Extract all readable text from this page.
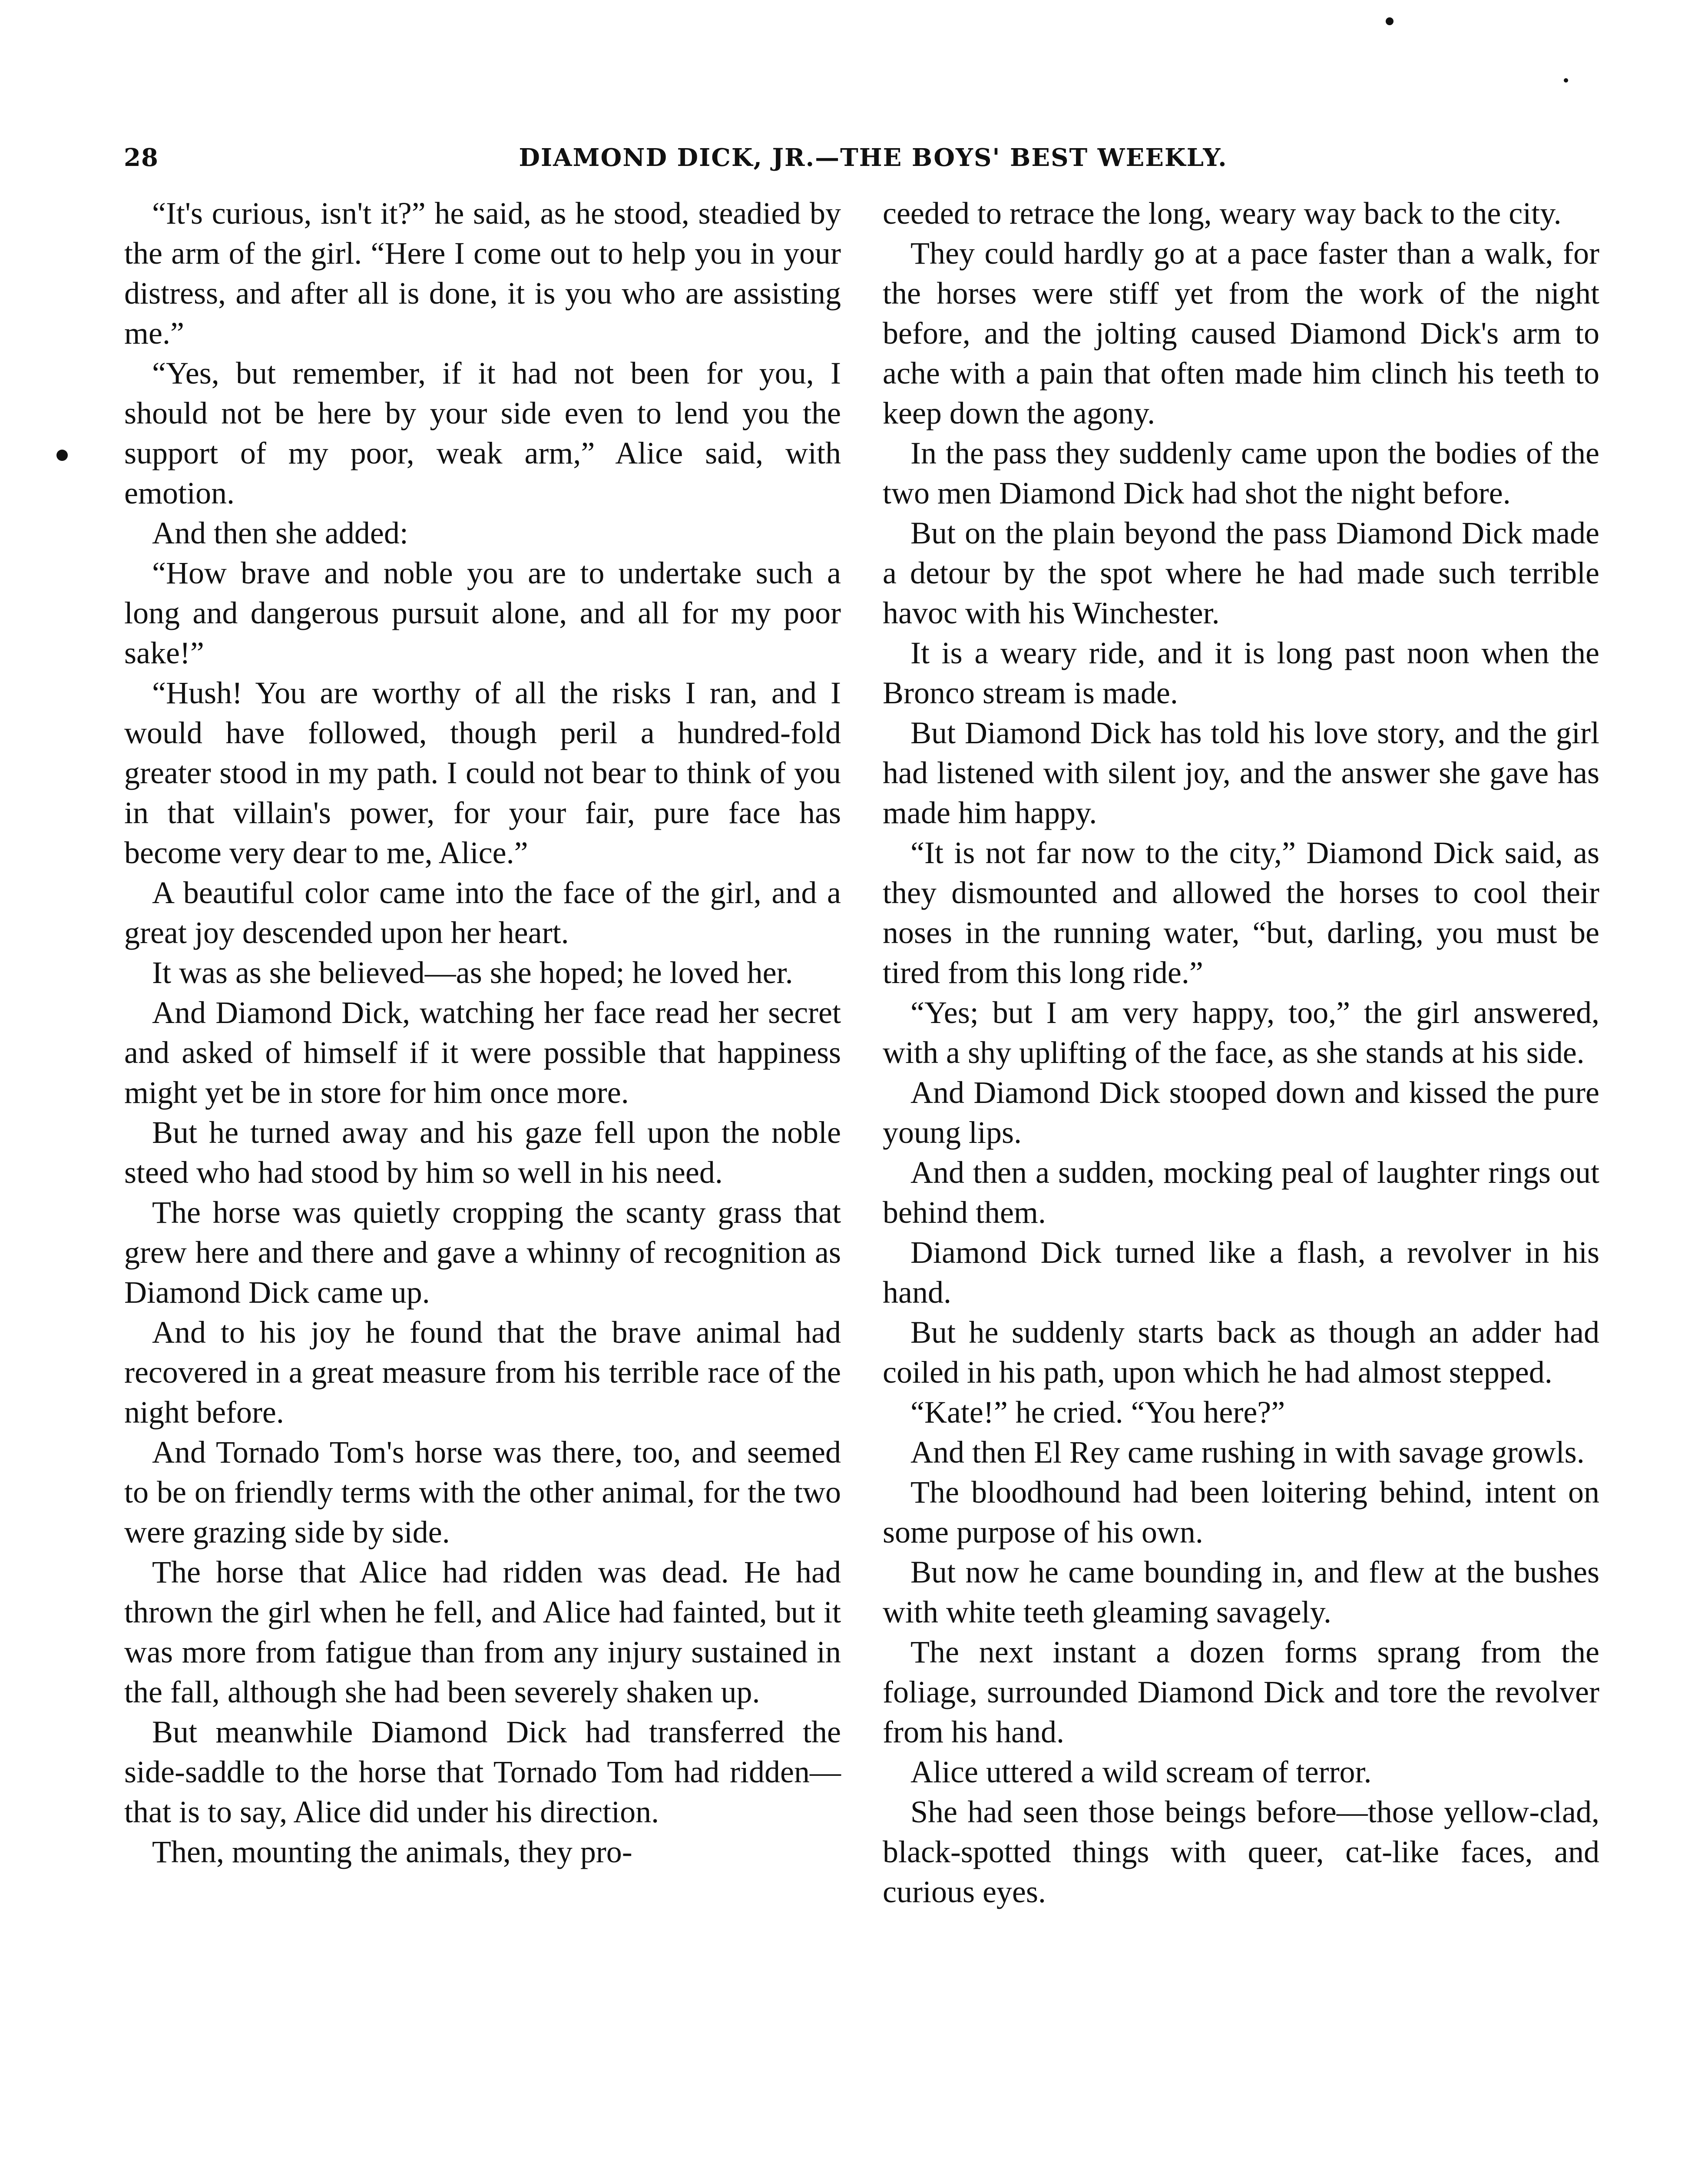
28	DIAMOND DICK, JR.—THE BOYS' BEST WEEKLY.

“It's curious, isn't it?” he said, as he stood, steadied by the arm of the girl. “Here I come out to help you in your distress, and after all is done, it is you who are assisting me.”

“Yes, but remember, if it had not been for you, I should not be here by your side even to lend you the support of my poor, weak arm,” Alice said, with emotion.

And then she added:

“How brave and noble you are to undertake such a long and dangerous pursuit alone, and all for my poor sake!”

“Hush! You are worthy of all the risks I ran, and I would have followed, though peril a hundred-fold greater stood in my path. I could not bear to think of you in that villain's power, for your fair, pure face has become very dear to me, Alice.”

A beautiful color came into the face of the girl, and a great joy descended upon her heart.

It was as she believed—as she hoped; he loved her.

And Diamond Dick, watching her face read her secret and asked of himself if it were possible that happiness might yet be in store for him once more.

But he turned away and his gaze fell upon the noble steed who had stood by him so well in his need.

The horse was quietly cropping the scanty grass that grew here and there and gave a whinny of recognition as Diamond Dick came up.

And to his joy he found that the brave animal had recovered in a great measure from his terrible race of the night before.

And Tornado Tom's horse was there, too, and seemed to be on friendly terms with the other animal, for the two were grazing side by side.

The horse that Alice had ridden was dead. He had thrown the girl when he fell, and Alice had fainted, but it was more from fatigue than from any injury sustained in the fall, although she had been severely shaken up.

But meanwhile Diamond Dick had transferred the side-saddle to the horse that Tornado Tom had ridden—that is to say, Alice did under his direction.

Then, mounting the animals, they pro-

ceeded to retrace the long, weary way back to the city.

They could hardly go at a pace faster than a walk, for the horses were stiff yet from the work of the night before, and the jolting caused Diamond Dick's arm to ache with a pain that often made him clinch his teeth to keep down the agony.

In the pass they suddenly came upon the bodies of the two men Diamond Dick had shot the night before.

But on the plain beyond the pass Diamond Dick made a detour by the spot where he had made such terrible havoc with his Winchester.

It is a weary ride, and it is long past noon when the Bronco stream is made.

But Diamond Dick has told his love story, and the girl had listened with silent joy, and the answer she gave has made him happy.

“It is not far now to the city,” Diamond Dick said, as they dismounted and allowed the horses to cool their noses in the running water, “but, darling, you must be tired from this long ride.”

“Yes; but I am very happy, too,” the girl answered, with a shy uplifting of the face, as she stands at his side.

And Diamond Dick stooped down and kissed the pure young lips.

And then a sudden, mocking peal of laughter rings out behind them.

Diamond Dick turned like a flash, a revolver in his hand.

But he suddenly starts back as though an adder had coiled in his path, upon which he had almost stepped.

“Kate!” he cried. “You here?”

And then El Rey came rushing in with savage growls.

The bloodhound had been loitering behind, intent on some purpose of his own.

But now he came bounding in, and flew at the bushes with white teeth gleaming savagely.

The next instant a dozen forms sprang from the foliage, surrounded Diamond Dick and tore the revolver from his hand.

Alice uttered a wild scream of terror.

She had seen those beings before—those yellow-clad, black-spotted things with queer, cat-like faces, and curious eyes.
